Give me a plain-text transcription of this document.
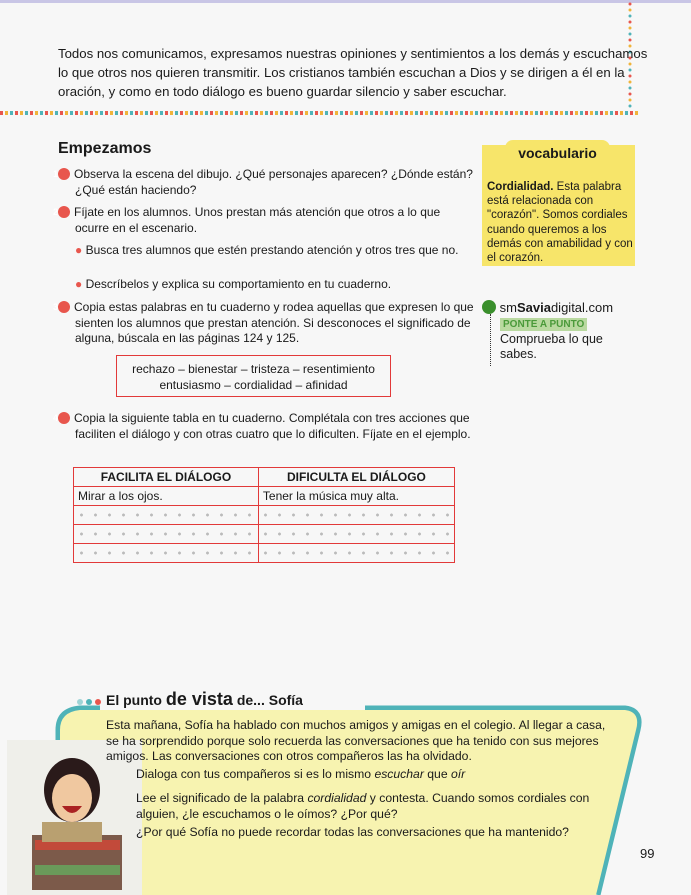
Todos nos comunicamos, expresamos nuestras opiniones y sentimientos a los demás y escuchamos lo que otros nos quieren transmitir. Los cristianos también escuchan a Dios y se dirigen a él en la oración, y como en todo diálogo es bueno guardar silencio y saber escuchar.
Empezamos
1 Observa la escena del dibujo. ¿Qué personajes aparecen? ¿Dónde están? ¿Qué están haciendo?
2 Fíjate en los alumnos. Unos prestan más atención que otros a lo que ocurre en el escenario.
● Busca tres alumnos que estén prestando atención y otros tres que no.
● Descríbelos y explica su comportamiento en tu cuaderno.
3 Copia estas palabras en tu cuaderno y rodea aquellas que expresen lo que sienten los alumnos que prestan atención. Si desconoces el significado de alguna, búscala en las páginas 124 y 125.
rechazo – bienestar – tristeza – resentimiento
entusiasmo – cordialidad – afinidad
4 Copia la siguiente tabla en tu cuaderno. Complétala con tres acciones que faciliten el diálogo y con otras cuatro que lo dificulten. Fíjate en el ejemplo.
FACILITA EL DIÁLOGO	DIFICULTA EL DIÁLOGO
Mirar a los ojos.	Tener la música muy alta.

vocabulario
Cordialidad. Esta palabra está relacionada con "corazón". Somos cordiales cuando queremos a los demás con amabilidad y con el corazón.
smSaviadigital.com
PONTE A PUNTO
Comprueba lo que sabes.
El punto de vista de... Sofía
Esta mañana, Sofía ha hablado con muchos amigos y amigas en el colegio. Al llegar a casa, se ha sorprendido porque solo recuerda las conversaciones que ha tenido con sus mejores amigos. Las conversaciones con otros compañeros las ha olvidado.
Dialoga con tus compañeros si es lo mismo escuchar que oír
Lee el significado de la palabra cordialidad y contesta. Cuando somos cordiales con alguien, ¿le escuchamos o le oímos? ¿Por qué?
¿Por qué Sofía no puede recordar todas las conversaciones que ha mantenido?
99
